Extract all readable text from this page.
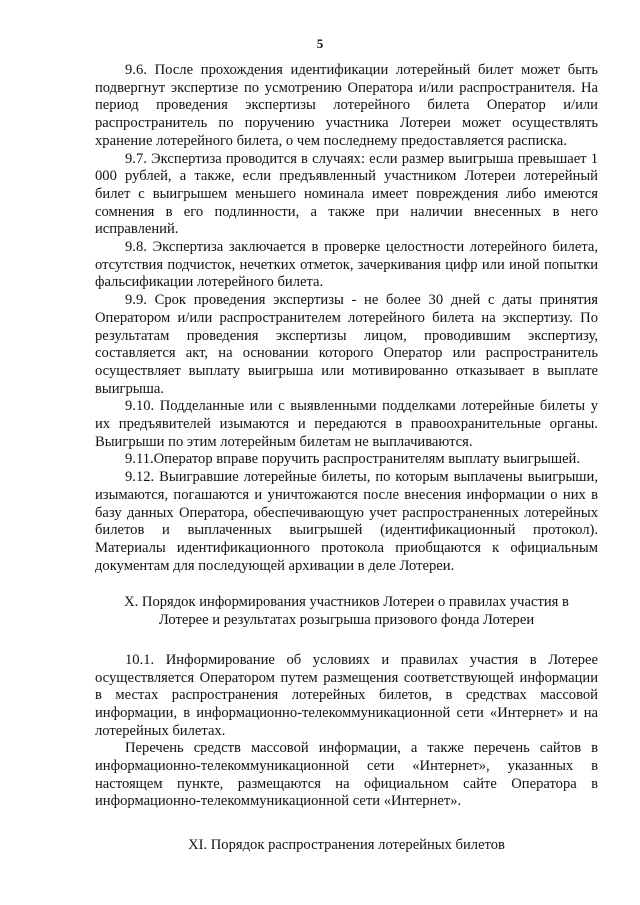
5

9.6. После прохождения идентификации лотерейный билет может быть подвергнут экспертизе по усмотрению Оператора и/или распространителя. На период проведения экспертизы лотерейного билета Оператор и/или распространитель по поручению участника Лотереи может осуществлять хранение лотерейного билета, о чем последнему предоставляется расписка.

9.7. Экспертиза проводится в случаях: если размер выигрыша превышает 1 000 рублей, а также, если предъявленный участником Лотереи лотерейный билет с выигрышем меньшего номинала имеет повреждения либо имеются сомнения в его подлинности, а также при наличии внесенных в него исправлений.

9.8. Экспертиза заключается в проверке целостности лотерейного билета, отсутствия подчисток, нечетких отметок, зачеркивания цифр или иной попытки фальсификации лотерейного билета.

9.9. Срок проведения экспертизы - не более 30 дней с даты принятия Оператором и/или распространителем лотерейного билета на экспертизу. По результатам проведения экспертизы лицом, проводившим экспертизу, составляется акт, на основании которого Оператор или распространитель осуществляет выплату выигрыша или мотивированно отказывает в выплате выигрыша.

9.10. Подделанные или с выявленными подделками лотерейные билеты у их предъявителей изымаются и передаются в правоохранительные органы. Выигрыши по этим лотерейным билетам не выплачиваются.

9.11.Оператор вправе поручить распространителям выплату выигрышей.

9.12. Выигравшие лотерейные билеты, по которым выплачены выигрыши, изымаются, погашаются и уничтожаются после внесения информации о них в базу данных Оператора, обеспечивающую учет распространенных лотерейных билетов и выплаченных выигрышей (идентификационный протокол). Материалы идентификационного протокола приобщаются к официальным документам для последующей архивации в деле Лотереи.

X. Порядок информирования участников Лотереи о правилах участия в Лотерее и результатах розыгрыша призового фонда Лотереи

10.1. Информирование об условиях и правилах участия в Лотерее осуществляется Оператором путем размещения соответствующей информации в местах распространения лотерейных билетов, в средствах массовой информации, в информационно-телекоммуникационной сети «Интернет» и на лотерейных билетах.

Перечень средств массовой информации, а также перечень сайтов в информационно-телекоммуникационной сети «Интернет», указанных в настоящем пункте, размещаются на официальном сайте Оператора в информационно-телекоммуникационной сети «Интернет».

XI. Порядок распространения лотерейных билетов
